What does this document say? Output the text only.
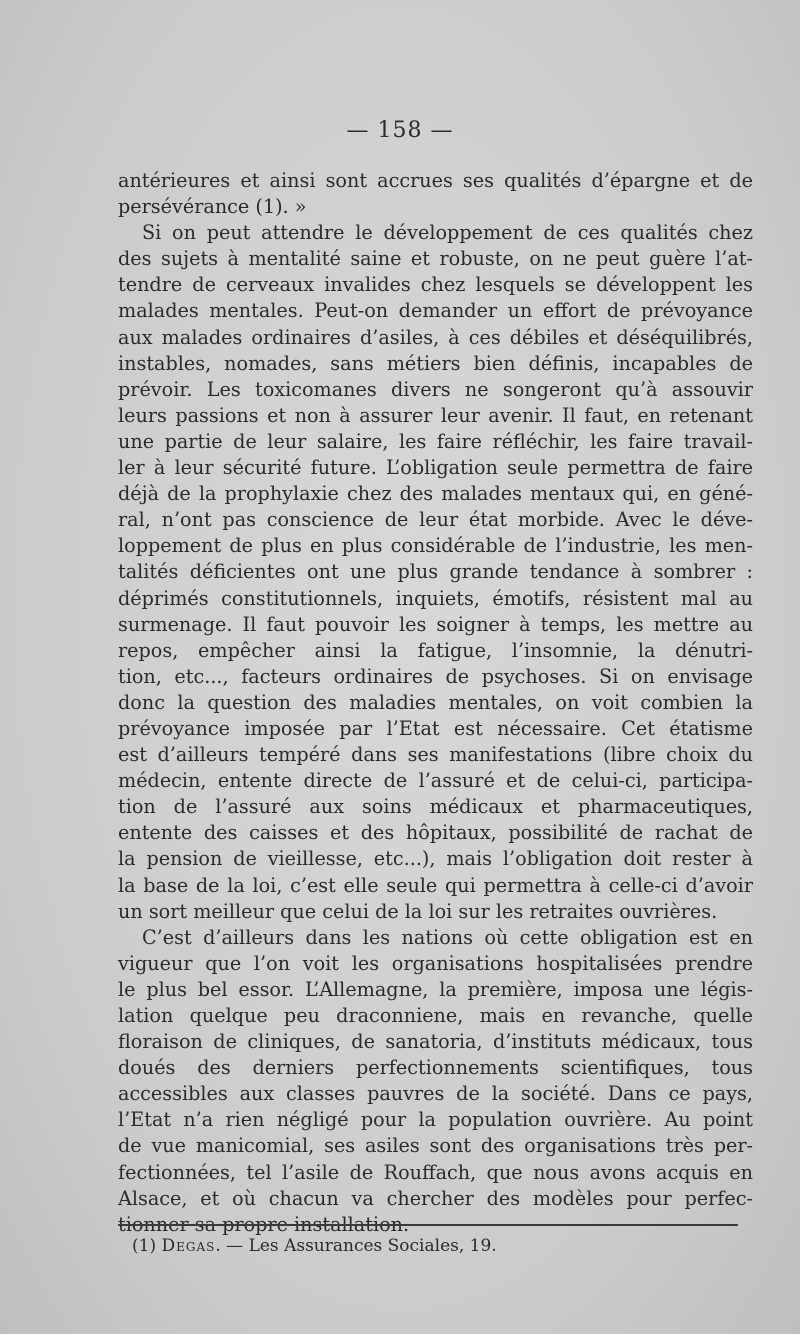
— 158 —
antérieures et ainsi sont accrues ses qualités d’épargne et de
persévérance (1). »
Si on peut attendre le développement de ces qualités chez
des sujets à mentalité saine et robuste, on ne peut guère l’at-
tendre de cerveaux invalides chez lesquels se développent les
malades mentales. Peut-on demander un effort de prévoyance
aux malades ordinaires d’asiles, à ces débiles et déséquilibrés,
instables, nomades, sans métiers bien définis, incapables de
prévoir. Les toxicomanes divers ne songeront qu’à assouvir
leurs passions et non à assurer leur avenir. Il faut, en retenant
une partie de leur salaire, les faire réfléchir, les faire travail-
ler à leur sécurité future. L’obligation seule permettra de faire
déjà de la prophylaxie chez des malades mentaux qui, en géné-
ral, n’ont pas conscience de leur état morbide. Avec le déve-
loppement de plus en plus considérable de l’industrie, les men-
talités déficientes ont une plus grande tendance à sombrer :
déprimés constitutionnels, inquiets, émotifs, résistent mal au
surmenage. Il faut pouvoir les soigner à temps, les mettre au
repos, empêcher ainsi la fatigue, l’insomnie, la dénutri-
tion, etc..., facteurs ordinaires de psychoses. Si on envisage
donc la question des maladies mentales, on voit combien la
prévoyance imposée par l’Etat est nécessaire. Cet étatisme
est d’ailleurs tempéré dans ses manifestations (libre choix du
médecin, entente directe de l’assuré et de celui-ci, participa-
tion de l’assuré aux soins médicaux et pharmaceutiques,
entente des caisses et des hôpitaux, possibilité de rachat de
la pension de vieillesse, etc...), mais l’obligation doit rester à
la base de la loi, c’est elle seule qui permettra à celle-ci d’avoir
un sort meilleur que celui de la loi sur les retraites ouvrières.
C’est d’ailleurs dans les nations où cette obligation est en
vigueur que l’on voit les organisations hospitalisées prendre
le plus bel essor. L’Allemagne, la première, imposa une légis-
lation quelque peu draconniene, mais en revanche, quelle
floraison de cliniques, de sanatoria, d’instituts médicaux, tous
doués des derniers perfectionnements scientifiques, tous
accessibles aux classes pauvres de la société. Dans ce pays,
l’Etat n’a rien négligé pour la population ouvrière. Au point
de vue manicomial, ses asiles sont des organisations très per-
fectionnées, tel l’asile de Rouffach, que nous avons acquis en
Alsace, et où chacun va chercher des modèles pour perfec-
tionner sa propre installation.
(1) Degas. — Les Assurances Sociales, 19.
